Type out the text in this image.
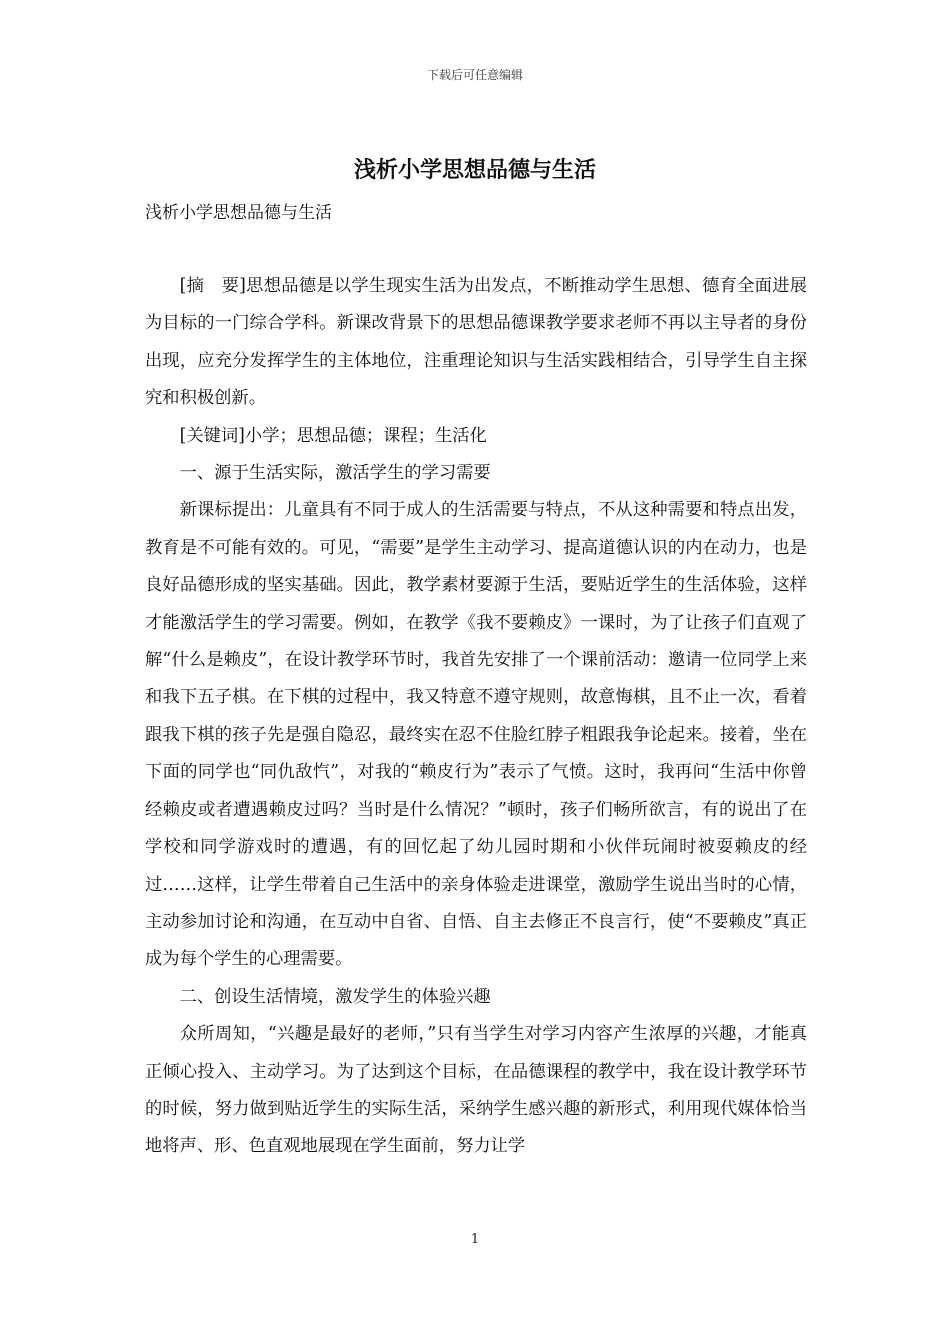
下载后可任意编辑
浅析小学思想品德与生活

浅析小学思想品德与生活

[摘　要]思想品德是以学生现实生活为出发点，不断推动学生思想、德育全面进展为目标的一门综合学科。新课改背景下的思想品德课教学要求老师不再以主导者的身份出现，应充分发挥学生的主体地位，注重理论知识与生活实践相结合，引导学生自主探究和积极创新。

[关键词]小学；思想品德；课程；生活化

一、源于生活实际，激活学生的学习需要

新课标提出：儿童具有不同于成人的生活需要与特点，不从这种需要和特点出发，教育是不可能有效的。可见，“需要”是学生主动学习、提高道德认识的内在动力，也是良好品德形成的坚实基础。因此，教学素材要源于生活，要贴近学生的生活体验，这样才能激活学生的学习需要。例如，在教学《我不要赖皮》一课时，为了让孩子们直观了解“什么是赖皮”，在设计教学环节时，我首先安排了一个课前活动：邀请一位同学上来和我下五子棋。在下棋的过程中，我又特意不遵守规则，故意悔棋，且不止一次，看着跟我下棋的孩子先是强自隐忍，最终实在忍不住脸红脖子粗跟我争论起来。接着，坐在下面的同学也“同仇敌忾”，对我的“赖皮行为”表示了气愤。这时，我再问“生活中你曾经赖皮或者遭遇赖皮过吗？当时是什么情况？”顿时，孩子们畅所欲言，有的说出了在学校和同学游戏时的遭遇，有的回忆起了幼儿园时期和小伙伴玩闹时被耍赖皮的经过……这样，让学生带着自己生活中的亲身体验走进课堂，激励学生说出当时的心情，主动参加讨论和沟通，在互动中自省、自悟、自主去修正不良言行，使“不要赖皮”真正成为每个学生的心理需要。

二、创设生活情境，激发学生的体验兴趣

众所周知，“兴趣是最好的老师，”只有当学生对学习内容产生浓厚的兴趣，才能真正倾心投入、主动学习。为了达到这个目标，在品德课程的教学中，我在设计教学环节的时候，努力做到贴近学生的实际生活，采纳学生感兴趣的新形式，利用现代媒体恰当地将声、形、色直观地展现在学生面前，努力让学

1
